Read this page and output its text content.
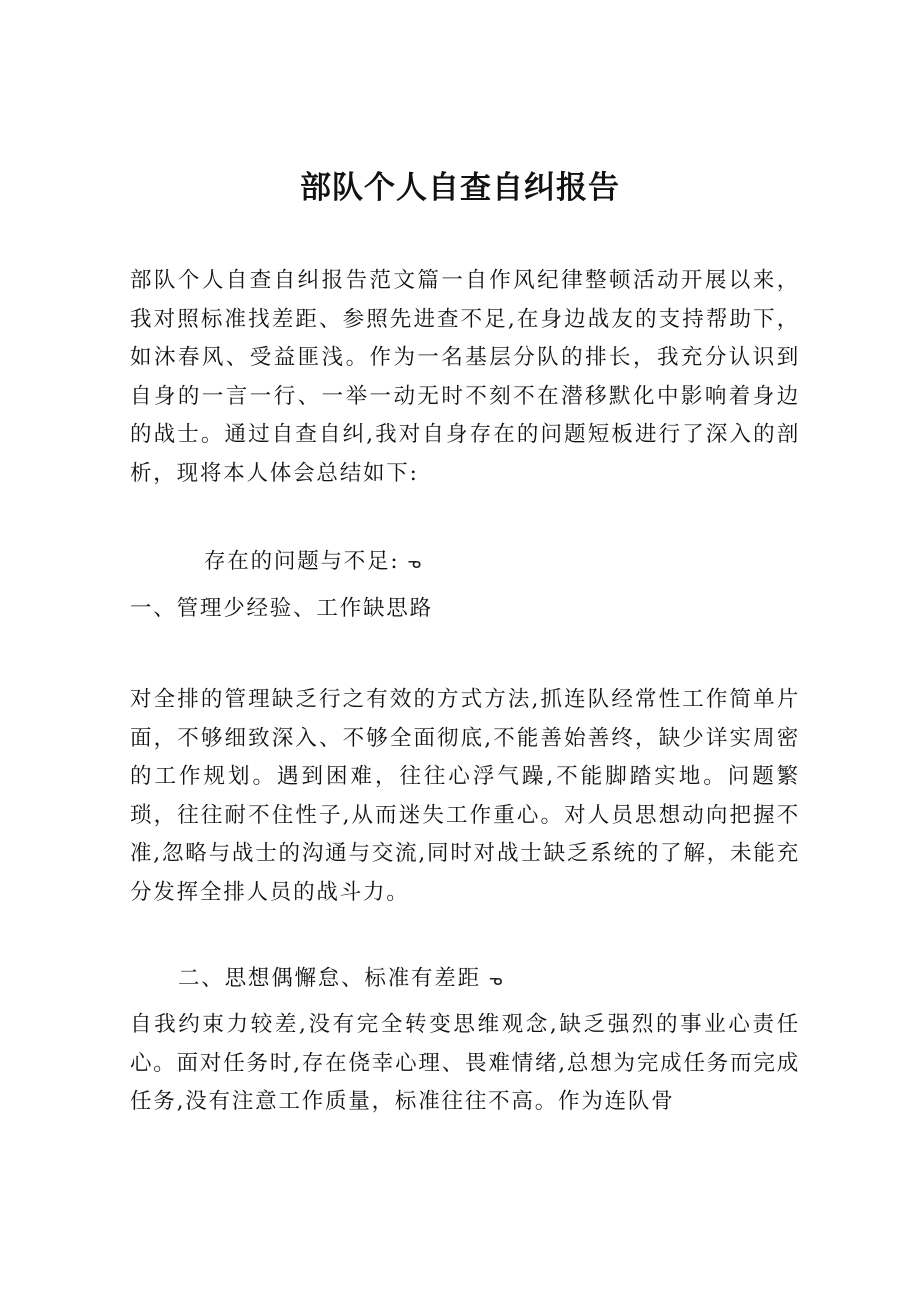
部队个人自查自纠报告

部队个人自查自纠报告范文篇一自作风纪律整顿活动开展以来，我对照标准找差距、参照先进查不足,在身边战友的支持帮助下，如沐春风、受益匪浅。作为一名基层分队的排长，我充分认识到自身的一言一行、一举一动无时不刻不在潜移默化中影响着身边的战士。通过自查自纠,我对自身存在的问题短板进行了深入的剖析，现将本人体会总结如下:

存在的问题与不足: ᓀ
一、管理少经验、工作缺思路

对全排的管理缺乏行之有效的方式方法,抓连队经常性工作简单片面，不够细致深入、不够全面彻底,不能善始善终，缺少详实周密的工作规划。遇到困难，往往心浮气躁,不能脚踏实地。问题繁琐，往往耐不住性子,从而迷失工作重心。对人员思想动向把握不准,忽略与战士的沟通与交流,同时对战士缺乏系统的了解，未能充分发挥全排人员的战斗力。

二、思想偶懈怠、标准有差距 ᓀ

自我约束力较差,没有完全转变思维观念,缺乏强烈的事业心责任心。面对任务时,存在侥幸心理、畏难情绪,总想为完成任务而完成任务,没有注意工作质量，标准往往不高。作为连队骨
